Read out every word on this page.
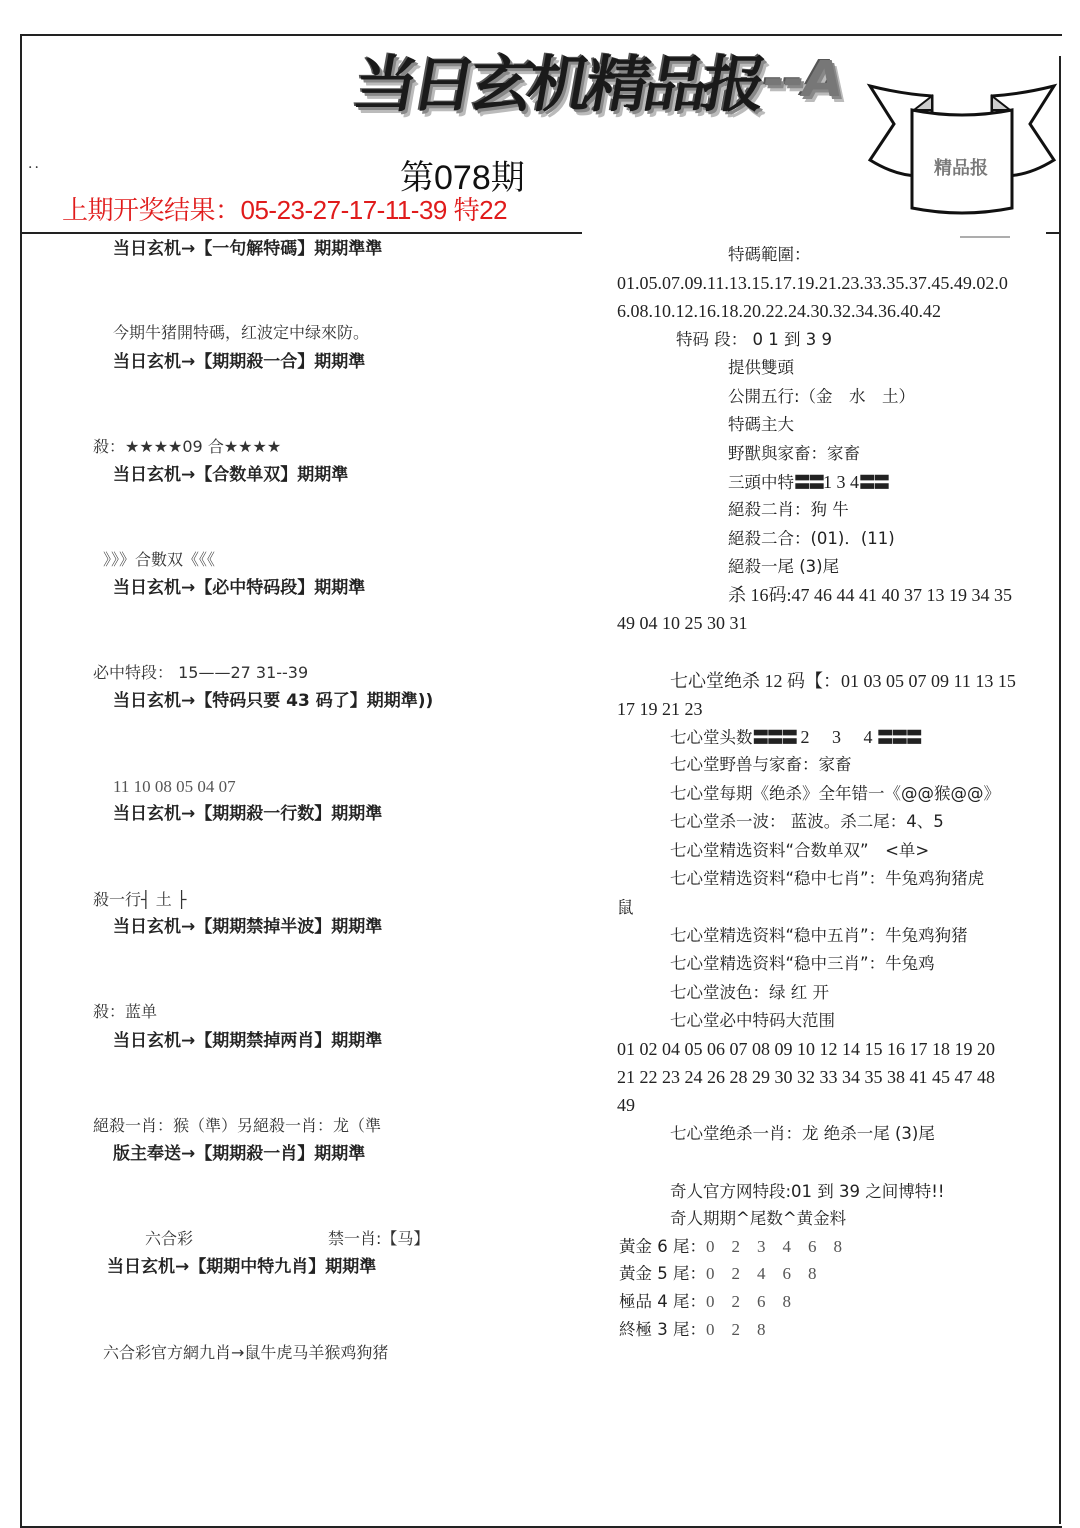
当日玄机精品报
--A
精品报
··	第078期
上期开奖结果：05-23-27-17-11-39 特22
当日玄机→【一句解特碼】期期準準
今期牛猪開特碼，红波定中绿來防。
当日玄机→【期期殺一合】期期準
殺：★★★★09 合★★★★
当日玄机→【合数单双】期期準
》》》合數双《《《
当日玄机→【必中特码段】期期準
必中特段： 15——27 31--39
当日玄机→【特码只要 43 码了】期期準))
11 10 08 05 04 07
当日玄机→【期期殺一行数】期期準
殺一行┤ 土 ├
当日玄机→【期期禁掉半波】期期準
殺：蓝单
当日玄机→【期期禁掉两肖】期期準
絕殺一肖：猴（準）另絕殺一肖：龙（準
版主奉送→【期期殺一肖】期期準
六合彩	禁一肖:【马】
当日玄机→【期期中特九肖】期期準
六合彩官方網九肖→鼠牛虎马羊猴鸡狗猪
特碼範圍：
01.05.07.09.11.13.15.17.19.21.23.33.35.37.45.49.02.0
6.08.10.12.16.18.20.22.24.30.32.34.36.40.42
特码 段： 0 1 到 3 9
提供雙頭
公開五行:（金　水　土）
特碼主大
野獸與家畜：家畜
三頭中特〓〓1 3 4〓〓
絕殺二肖：狗 牛
絕殺二合：(01)．(11)
絕殺一尾 (3)尾
杀 16码:47 46 44 41 40 37 13 19 34 35
49 04 10 25 30 31
七心堂绝杀 12 码【：01 03 05 07 09 11 13 15
17 19 21 23
七心堂头数〓〓〓 2　 3　 4 〓〓〓
七心堂野兽与家畜：家畜
七心堂每期《绝杀》全年错一《@@猴@@》
七心堂杀一波： 蓝波。杀二尾：4、5
七心堂精选资料“合数单双”　<单>
七心堂精选资料“稳中七肖”：牛兔鸡狗猪虎
鼠
七心堂精选资料“稳中五肖”：牛兔鸡狗猪
七心堂精选资料“稳中三肖”：牛兔鸡
七心堂波色：绿 红 开
七心堂必中特码大范围
01 02 04 05 06 07 08 09 10 12 14 15 16 17 18 19 20
21 22 23 24 26 28 29 30 32 33 34 35 38 41 45 47 48
49
七心堂绝杀一肖：龙 绝杀一尾 (3)尾
奇人官方网特段:01 到 39 之间博特!!
奇人期期^尾数^黄金料
黃金 6 尾：0　2　3　4　6　8
黃金 5 尾：0　2　4　6　8
極品 4 尾：0　2　6　8
終極 3 尾：0　2　8
